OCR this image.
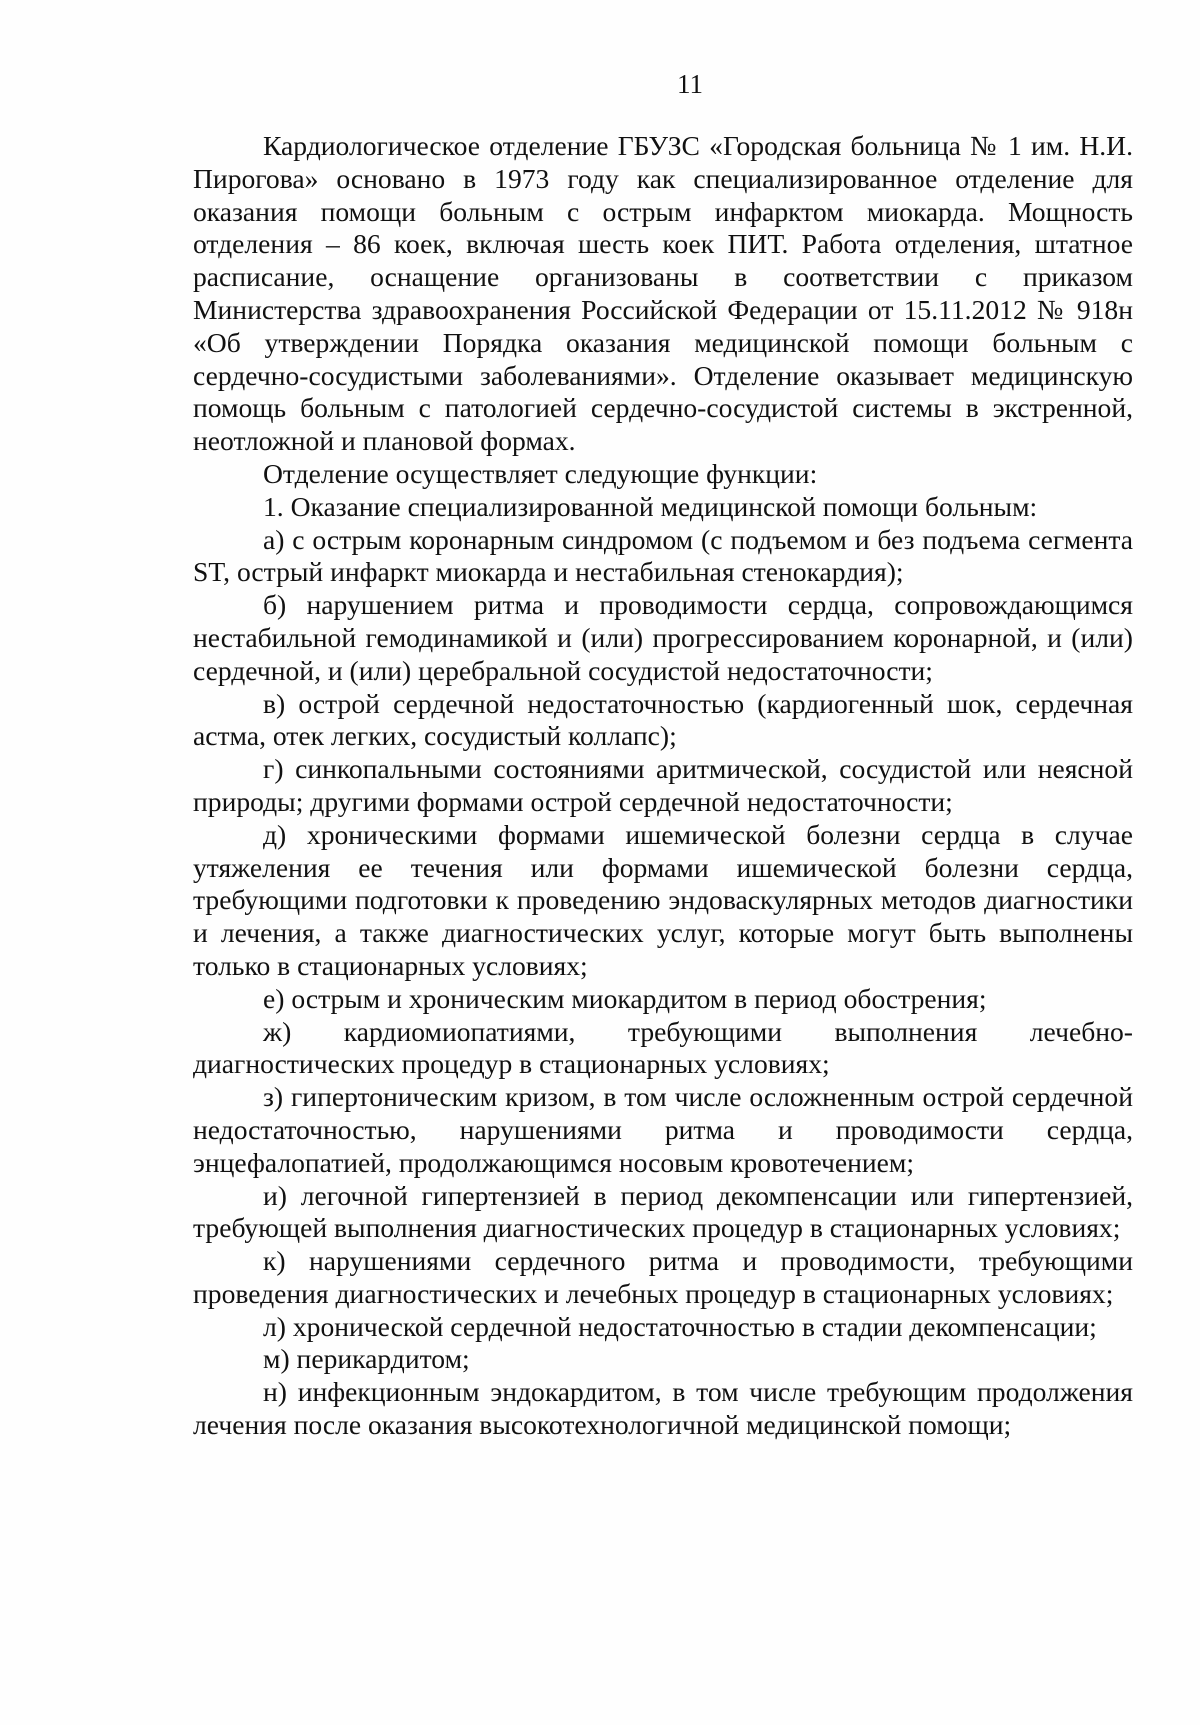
11

Кардиологическое отделение ГБУЗС «Городская больница № 1 им. Н.И. Пирогова» основано в 1973 году как специализированное отделение для оказания помощи больным с острым инфарктом миокарда. Мощность отделения – 86 коек, включая шесть коек ПИТ. Работа отделения, штатное расписание, оснащение организованы в соответствии с приказом Министерства здравоохранения Российской Федерации от 15.11.2012 № 918н «Об утверждении Порядка оказания медицинской помощи больным с сердечно-сосудистыми заболеваниями». Отделение оказывает медицинскую помощь больным с патологией сердечно-сосудистой системы в экстренной, неотложной и плановой формах.

Отделение осуществляет следующие функции:

1. Оказание специализированной медицинской помощи больным:

а) с острым коронарным синдромом (с подъемом и без подъема сегмента ST, острый инфаркт миокарда и нестабильная стенокардия);

б) нарушением ритма и проводимости сердца, сопровождающимся нестабильной гемодинамикой и (или) прогрессированием коронарной, и (или) сердечной, и (или) церебральной сосудистой недостаточности;

в) острой сердечной недостаточностью (кардиогенный шок, сердечная астма, отек легких, сосудистый коллапс);

г) синкопальными состояниями аритмической, сосудистой или неясной природы; другими формами острой сердечной недостаточности;

д) хроническими формами ишемической болезни сердца в случае утяжеления ее течения или формами ишемической болезни сердца, требующими подготовки к проведению эндоваскулярных методов диагностики и лечения, а также диагностических услуг, которые могут быть выполнены только в стационарных условиях;

е) острым и хроническим миокардитом в период обострения;

ж) кардиомиопатиями, требующими выполнения лечебно-диагностических процедур в стационарных условиях;

з) гипертоническим кризом, в том числе осложненным острой сердечной недостаточностью, нарушениями ритма и проводимости сердца, энцефалопатией, продолжающимся носовым кровотечением;

и) легочной гипертензией в период декомпенсации или гипертензией, требующей выполнения диагностических процедур в стационарных условиях;

к) нарушениями сердечного ритма и проводимости, требующими проведения диагностических и лечебных процедур в стационарных условиях;

л) хронической сердечной недостаточностью в стадии декомпенсации;

м) перикардитом;

н) инфекционным эндокардитом, в том числе требующим продолжения лечения после оказания высокотехнологичной медицинской помощи;
